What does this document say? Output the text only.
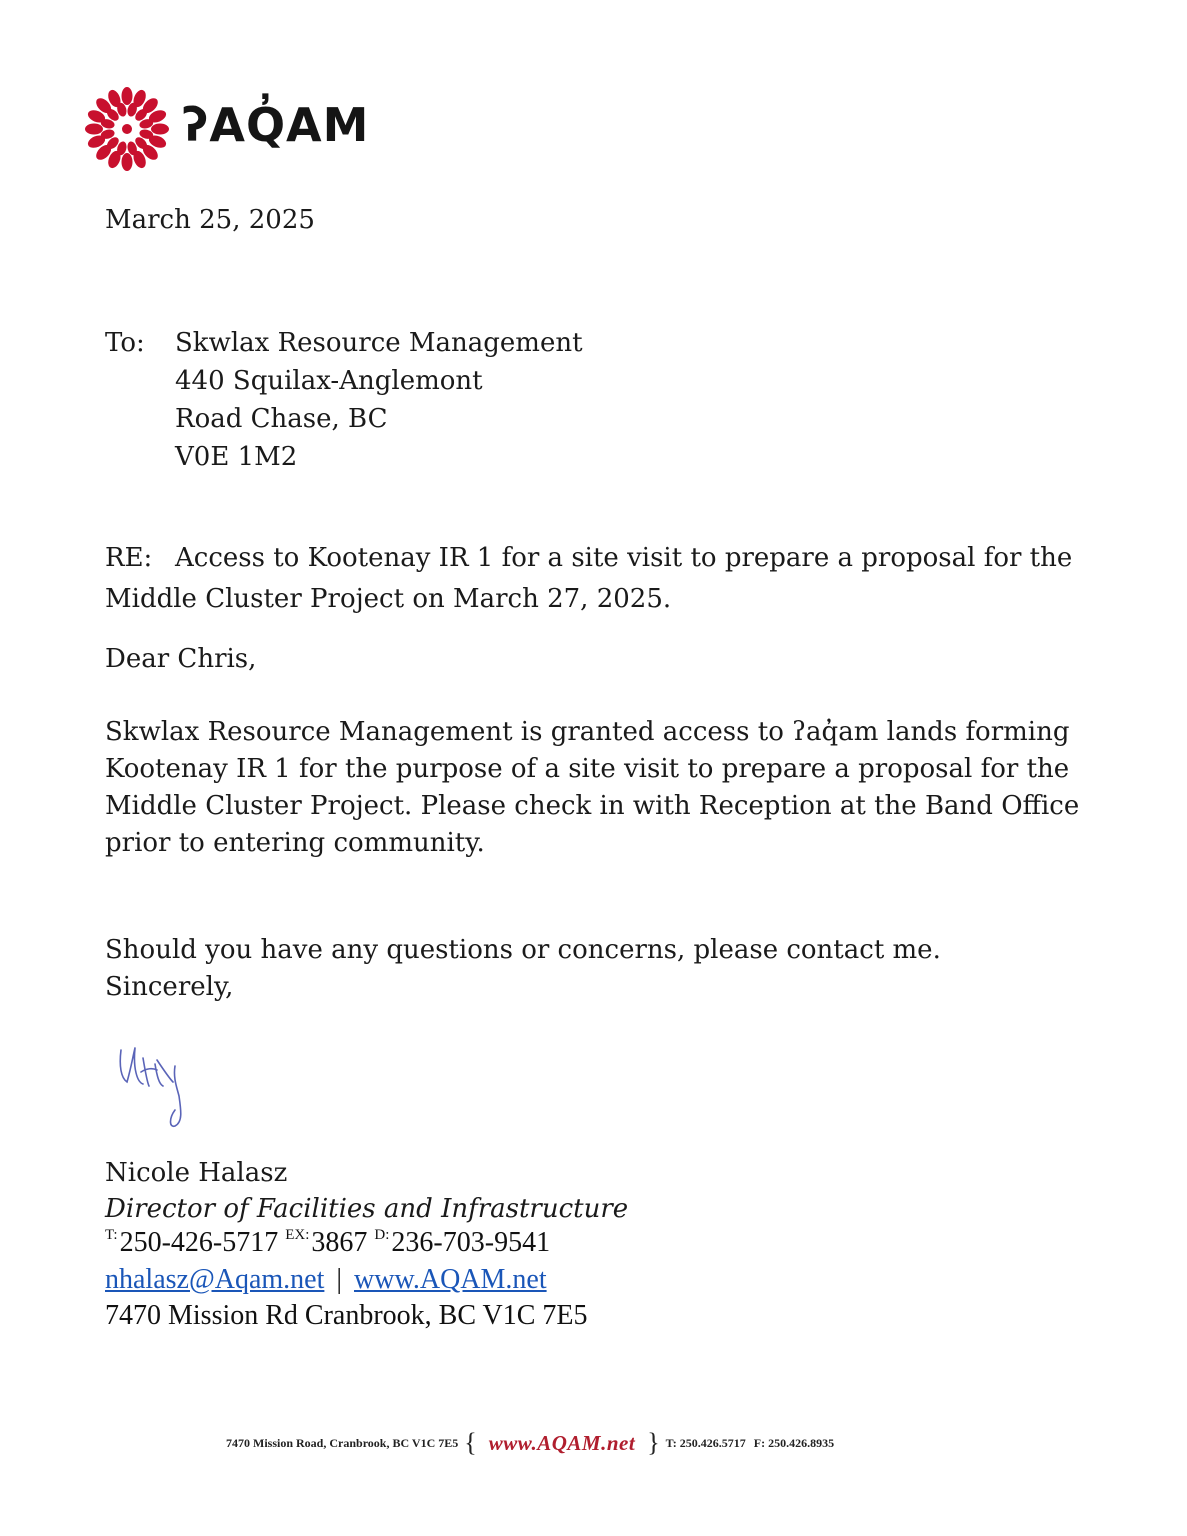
ʔAQ̓AM
March 25, 2025
To: Skwlax Resource Management
440 Squilax-Anglemont
Road Chase, BC
V0E 1M2
RE: Access to Kootenay IR 1 for a site visit to prepare a proposal for the Middle Cluster Project on March 27, 2025.
Dear Chris,
Skwlax Resource Management is granted access to ʔaq̓am lands forming Kootenay IR 1 for the purpose of a site visit to prepare a proposal for the Middle Cluster Project. Please check in with Reception at the Band Office prior to entering community.
Should you have any questions or concerns, please contact me.
Sincerely,
Nicole Halasz
Director of Facilities and Infrastructure
$^{T:}$250-426-5717 $^{EX:}$3867 $^{D:}$236-703-9541
nhalasz@Aqam.net | www.AQAM.net
7470 Mission Rd Cranbrook, BC V1C 7E5
7470 Mission Road, Cranbrook, BC V1C 7E5 { www.AQAM.net } T: 250.426.5717 F: 250.426.8935
